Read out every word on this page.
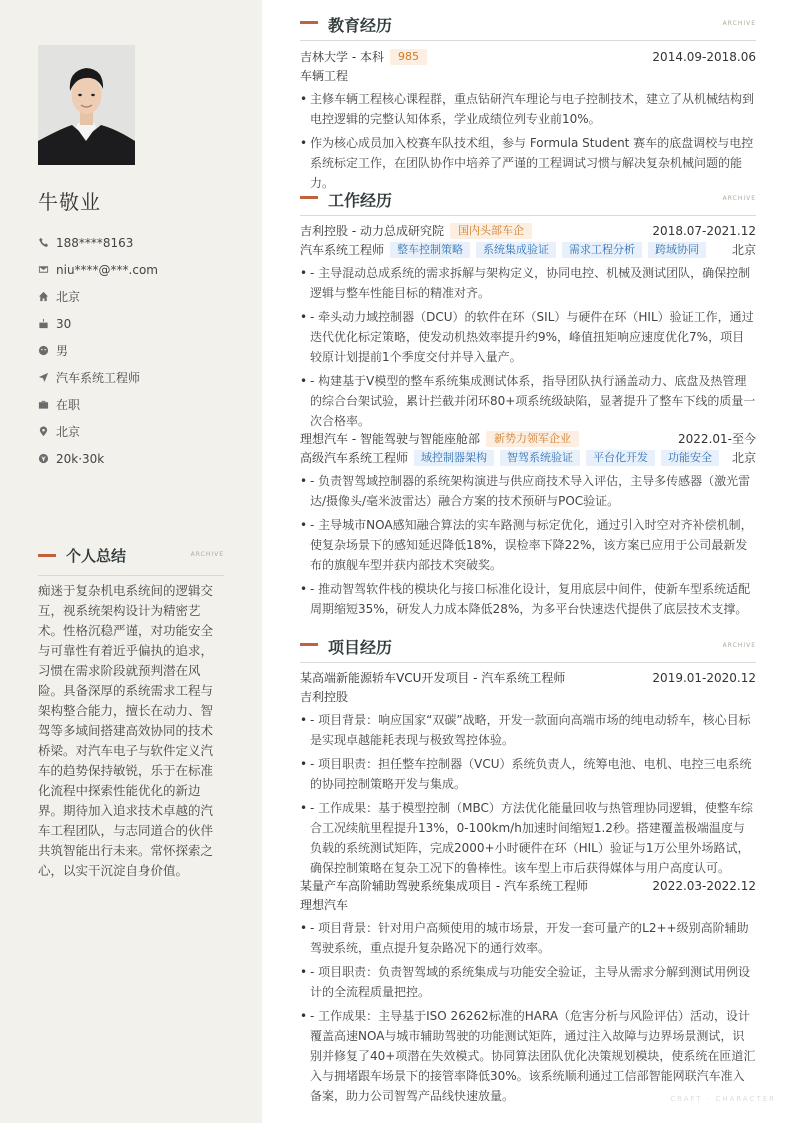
牛敬业
188****8163
niu****@***.com
北京
30
男
汽车系统工程师
在职
北京
20k·30k
个人总结	ARCHIVE
痴迷于复杂机电系统间的逻辑交互，视系统架构设计为精密艺术。性格沉稳严谨，对功能安全与可靠性有着近乎偏执的追求，习惯在需求阶段就预判潜在风险。具备深厚的系统需求工程与架构整合能力，擅长在动力、智驾等多域间搭建高效协同的技术桥梁。对汽车电子与软件定义汽车的趋势保持敏锐，乐于在标准化流程中探索性能优化的新边界。期待加入追求技术卓越的汽车工程团队，与志同道合的伙伴共筑智能出行未来。常怀探索之心，以实干沉淀自身价值。
教育经历	ARCHIVE
吉林大学 - 本科	985	2014.09-2018.06
车辆工程
• 主修车辆工程核心课程群，重点钻研汽车理论与电子控制技术，建立了从机械结构到电控逻辑的完整认知体系，学业成绩位列专业前10%。
• 作为核心成员加入校赛车队技术组，参与 Formula Student 赛车的底盘调校与电控系统标定工作，在团队协作中培养了严谨的工程调试习惯与解决复杂机械问题的能力。
工作经历	ARCHIVE
吉利控股 - 动力总成研究院	国内头部车企	2018.07-2021.12
汽车系统工程师	整车控制策略	系统集成验证	需求工程分析	跨域协同	北京
• - 主导混动总成系统的需求拆解与架构定义，协同电控、机械及测试团队，确保控制逻辑与整车性能目标的精准对齐。
• - 牵头动力域控制器（DCU）的软件在环（SIL）与硬件在环（HIL）验证工作，通过迭代优化标定策略，使发动机热效率提升约9%，峰值扭矩响应速度优化7%，项目较原计划提前1个季度交付并导入量产。
• - 构建基于V模型的整车系统集成测试体系，指导团队执行涵盖动力、底盘及热管理的综合台架试验，累计拦截并闭环80+项系统级缺陷，显著提升了整车下线的质量一次合格率。
理想汽车 - 智能驾驶与智能座舱部	新势力领军企业	2022.01-至今
高级汽车系统工程师	域控制器架构	智驾系统验证	平台化开发	功能安全	北京
• - 负责智驾域控制器的系统架构演进与供应商技术导入评估，主导多传感器（激光雷达/摄像头/毫米波雷达）融合方案的技术预研与POC验证。
• - 主导城市NOA感知融合算法的实车路测与标定优化，通过引入时空对齐补偿机制，使复杂场景下的感知延迟降低18%，误检率下降22%，该方案已应用于公司最新发布的旗舰车型并获内部技术突破奖。
• - 推动智驾软件栈的模块化与接口标准化设计，复用底层中间件，使新车型系统适配周期缩短35%，研发人力成本降低28%，为多平台快速迭代提供了底层技术支撑。
项目经历	ARCHIVE
某高端新能源轿车VCU开发项目 - 汽车系统工程师	2019.01-2020.12
吉利控股
• - 项目背景：响应国家“双碳”战略，开发一款面向高端市场的纯电动轿车，核心目标是实现卓越能耗表现与极致驾控体验。
• - 项目职责：担任整车控制器（VCU）系统负责人，统筹电池、电机、电控三电系统的协同控制策略开发与集成。
• - 工作成果：基于模型控制（MBC）方法优化能量回收与热管理协同逻辑，使整车综合工况续航里程提升13%，0-100km/h加速时间缩短1.2秒。搭建覆盖极端温度与负载的系统测试矩阵，完成2000+小时硬件在环（HIL）验证与1万公里外场路试，确保控制策略在复杂工况下的鲁棒性。该车型上市后获得媒体与用户高度认可。
某量产车高阶辅助驾驶系统集成项目 - 汽车系统工程师	2022.03-2022.12
理想汽车
• - 项目背景：针对用户高频使用的城市场景，开发一套可量产的L2++级别高阶辅助驾驶系统，重点提升复杂路况下的通行效率。
• - 项目职责：负责智驾域的系统集成与功能安全验证，主导从需求分解到测试用例设计的全流程质量把控。
• - 工作成果：主导基于ISO 26262标准的HARA（危害分析与风险评估）活动，设计覆盖高速NOA与城市辅助驾驶的功能测试矩阵，通过注入故障与边界场景测试，识别并修复了40+项潜在失效模式。协同算法团队优化决策规划模块，使系统在匝道汇入与拥堵跟车场景下的接管率降低30%。该系统顺利通过工信部智能网联汽车准入备案，助力公司智驾产品线快速放量。	CRAFT · CHARACTER
